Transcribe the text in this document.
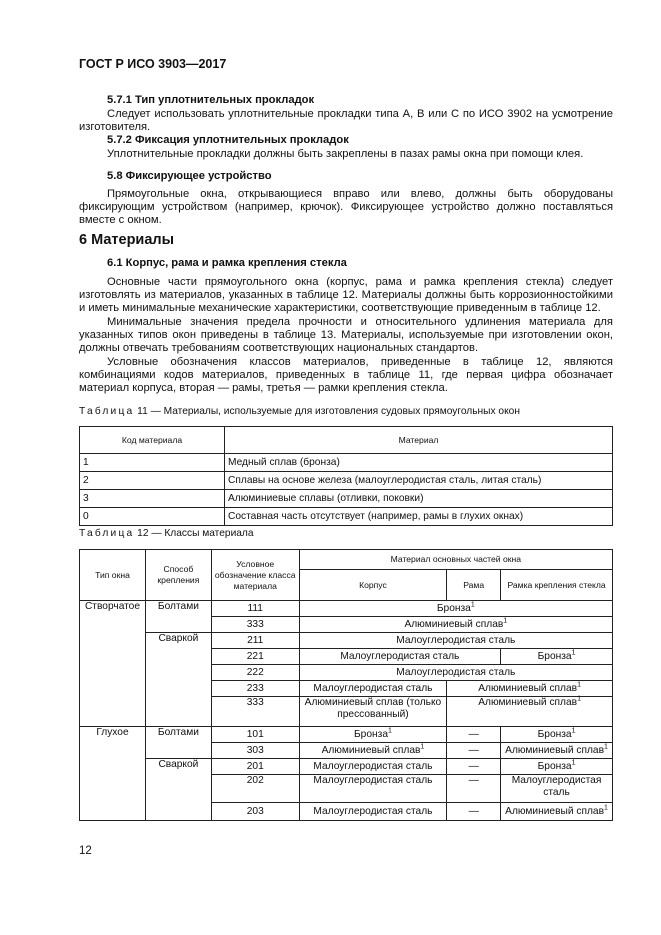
ГОСТ Р ИСО 3903—2017
5.7.1 Тип уплотнительных прокладок
Следует использовать уплотнительные прокладки типа А, В или С по ИСО 3902 на усмотрение изготовителя.
5.7.2 Фиксация уплотнительных прокладок
Уплотнительные прокладки должны быть закреплены в пазах рамы окна при помощи клея.
5.8 Фиксирующее устройство
Прямоугольные окна, открывающиеся вправо или влево, должны быть оборудованы фиксирующим устройством (например, крючок). Фиксирующее устройство должно поставляться вместе с окном.
6 Материалы
6.1 Корпус, рама и рамка крепления стекла
Основные части прямоугольного окна (корпус, рама и рамка крепления стекла) следует изготовлять из материалов, указанных в таблице 12. Материалы должны быть коррозионностойкими и иметь минимальные механические характеристики, соответствующие приведенным в таблице 12.
Минимальные значения предела прочности и относительного удлинения материала для указанных типов окон приведены в таблице 13. Материалы, используемые при изготовлении окон, должны отвечать требованиям соответствующих национальных стандартов.
Условные обозначения классов материалов, приведенные в таблице 12, являются комбинациями кодов материалов, приведенных в таблице 11, где первая цифра обозначает материал корпуса, вторая — рамы, третья — рамки крепления стекла.
Таблица 11 — Материалы, используемые для изготовления судовых прямоугольных окон
Код материала	Материал
1	Медный сплав (бронза)
2	Сплавы на основе железа (малоуглеродистая сталь, литая сталь)
3	Алюминиевые сплавы (отливки, поковки)
0	Составная часть отсутствует (например, рамы в глухих окнах)
Таблица 12 — Классы материала
Тип окна	Способ крепления	Условное обозначение класса материала	Материал основных частей окна		
			Корпус	Рама	Рамка крепления стекла
Створчатое	Болтами	111	Бронза$^1$
		333	Алюминиевый сплав$^1$
	Сваркой	211	Малоуглеродистая сталь		
		221	Малоуглеродистая сталь		Бронза$^1$
		222	Малоуглеродистая сталь		
		233	Малоуглеродистая сталь	Алюминиевый сплав$^1$
		333	Алюминиевый сплав (только прессованный)	Алюминиевый сплав$^1$
Глухое	Болтами	101	Бронза$^1$	—	Бронза$^1$
		303	Алюминиевый сплав$^1$	—	Алюминиевый сплав$^1$
	Сваркой	201	Малоуглеродистая сталь	—	Бронза$^1$
		202	Малоуглеродистая сталь	—	Малоуглеродистая сталь
		203	Малоуглеродистая сталь	—	Алюминиевый сплав$^1$
12
